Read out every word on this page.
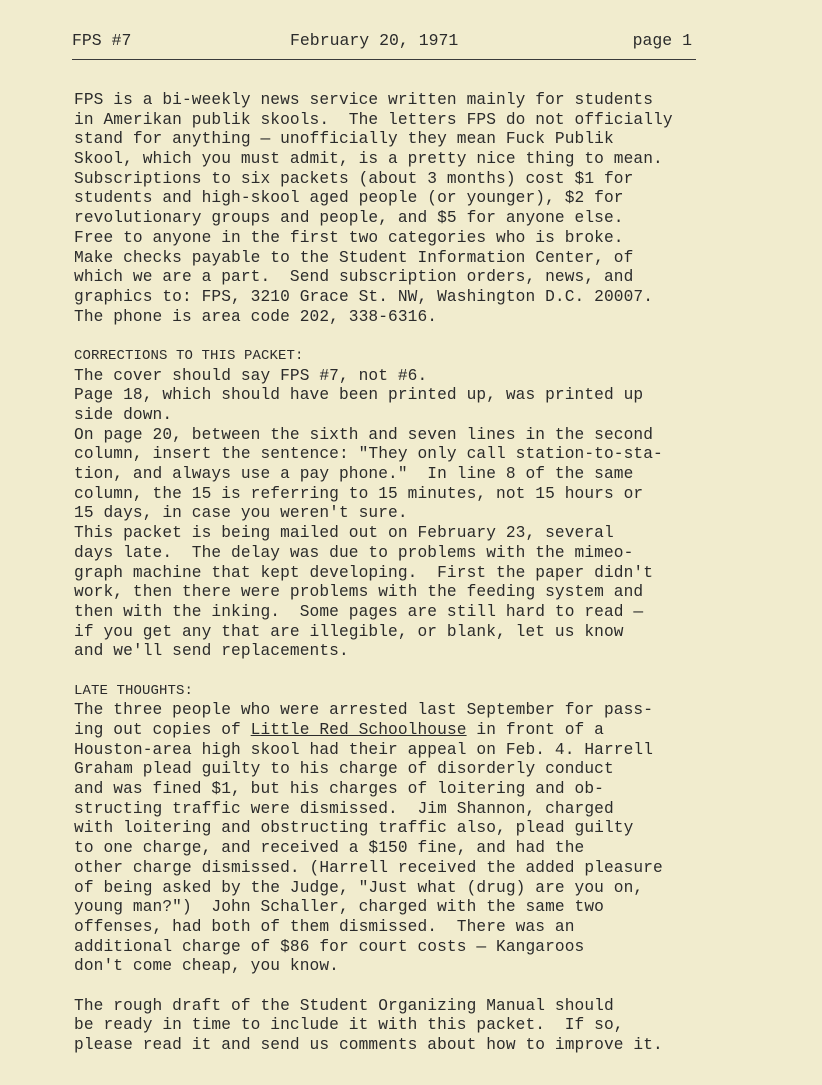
FPS #7	February 20, 1971	page 1
FPS is a bi-weekly news service written mainly for students
in Amerikan publik skools.  The letters FPS do not officially
stand for anything — unofficially they mean Fuck Publik
Skool, which you must admit, is a pretty nice thing to mean.
Subscriptions to six packets (about 3 months) cost $1 for
students and high-skool aged people (or younger), $2 for
revolutionary groups and people, and $5 for anyone else.
Free to anyone in the first two categories who is broke.
Make checks payable to the Student Information Center, of
which we are a part.  Send subscription orders, news, and
graphics to: FPS, 3210 Grace St. NW, Washington D.C. 20007.
The phone is area code 202, 338-6316.
CORRECTIONS TO THIS PACKET:
The cover should say FPS #7, not #6.
Page 18, which should have been printed up, was printed up
side down.
On page 20, between the sixth and seven lines in the second
column, insert the sentence: "They only call station-to-sta-
tion, and always use a pay phone."  In line 8 of the same
column, the 15 is referring to 15 minutes, not 15 hours or
15 days, in case you weren't sure.
This packet is being mailed out on February 23, several
days late.  The delay was due to problems with the mimeo-
graph machine that kept developing.  First the paper didn't
work, then there were problems with the feeding system and
then with the inking.  Some pages are still hard to read —
if you get any that are illegible, or blank, let us know
and we'll send replacements.
LATE THOUGHTS:
The three people who were arrested last September for pass-
ing out copies of Little Red Schoolhouse in front of a
Houston-area high skool had their appeal on Feb. 4. Harrell
Graham plead guilty to his charge of disorderly conduct
and was fined $1, but his charges of loitering and ob-
structing traffic were dismissed.  Jim Shannon, charged
with loitering and obstructing traffic also, plead guilty
to one charge, and received a $150 fine, and had the
other charge dismissed. (Harrell received the added pleasure
of being asked by the Judge, "Just what (drug) are you on,
young man?")  John Schaller, charged with the same two
offenses, had both of them dismissed.  There was an
additional charge of $86 for court costs — Kangaroos
don't come cheap, you know.
The rough draft of the Student Organizing Manual should
be ready in time to include it with this packet.  If so,
please read it and send us comments about how to improve it.
